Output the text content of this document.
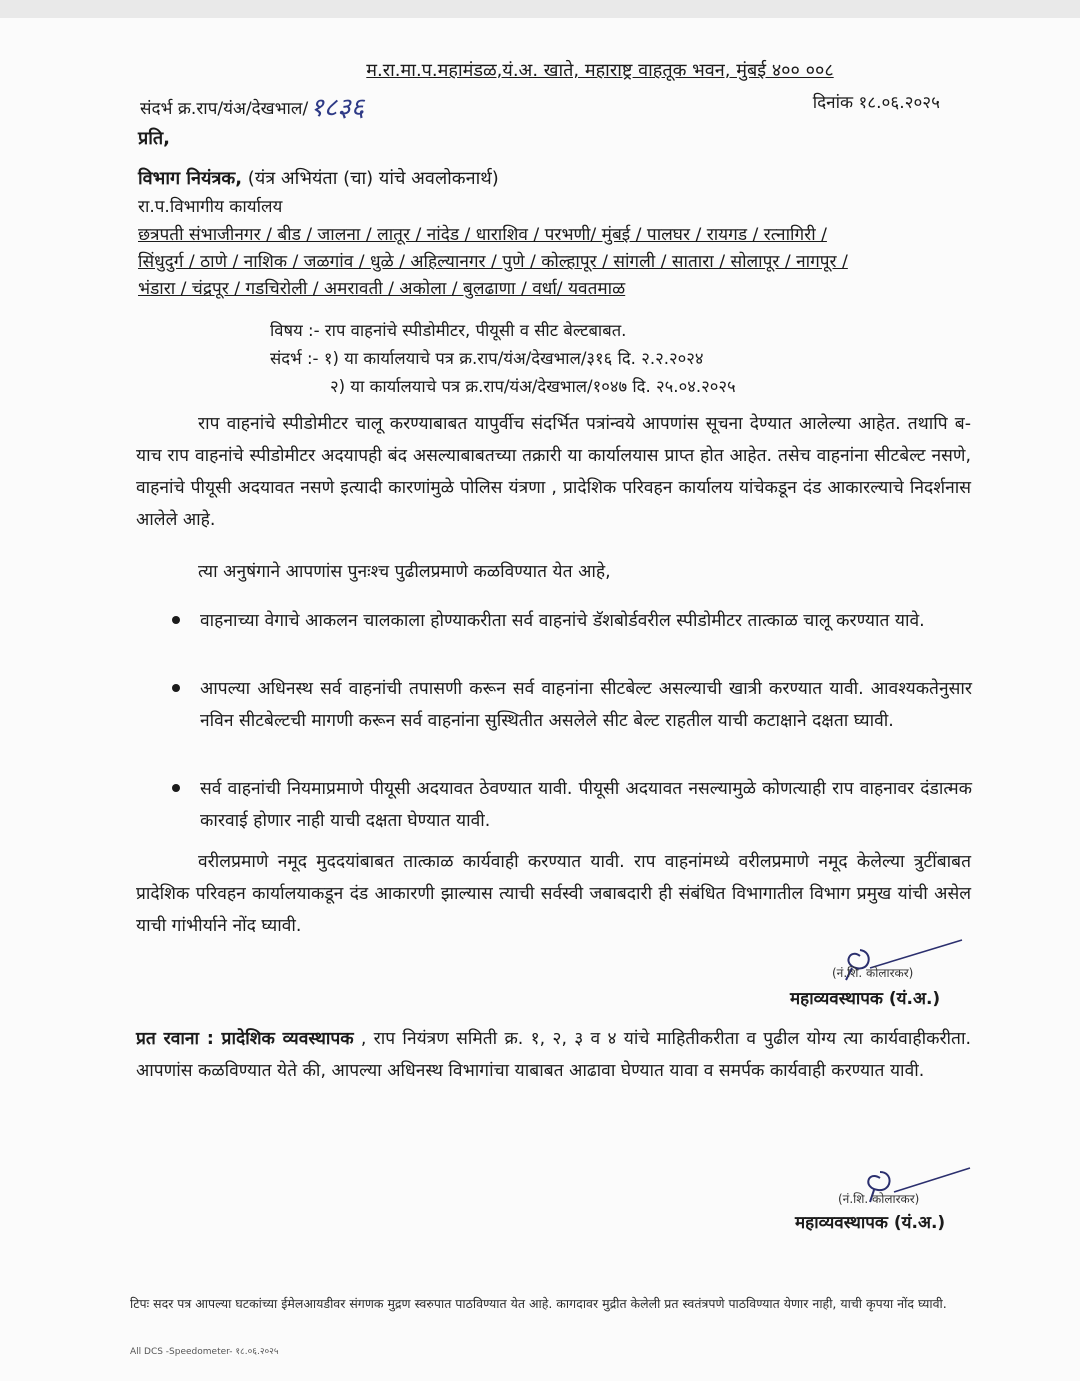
म.रा.मा.प.महामंडळ,यं.अ. खाते, महाराष्ट्र वाहतूक भवन, मुंबई ४०० ००८
संदर्भ क्र.राप/यंअ/देखभाल/१८३६	दिनांक १८.०६.२०२५
प्रति,
विभाग नियंत्रक, (यंत्र अभियंता (चा) यांचे अवलोकनार्थ)
रा.प.विभागीय कार्यालय
छत्रपती संभाजीनगर / बीड / जालना / लातूर / नांदेड / धाराशिव / परभणी/ मुंबई / पालघर / रायगड / रत्नागिरी /
सिंधुदुर्ग / ठाणे / नाशिक / जळगांव / धुळे / अहिल्यानगर / पुणे / कोल्हापूर / सांगली / सातारा / सोलापूर / नागपूर /
भंडारा / चंद्रपूर / गडचिरोली / अमरावती / अकोला / बुलढाणा / वर्धा/ यवतमाळ
विषय :- राप वाहनांचे स्पीडोमीटर, पीयूसी व सीट बेल्टबाबत.
संदर्भ :- १) या कार्यालयाचे पत्र क्र.राप/यंअ/देखभाल/३१६ दि. २.२.२०२४
२) या कार्यालयाचे पत्र क्र.राप/यंअ/देखभाल/१०४७ दि. २५.०४.२०२५
राप वाहनांचे स्पीडोमीटर चालू करण्याबाबत यापुर्वीच संदर्भित पत्रांन्वये आपणांस सूचना देण्यात आलेल्या आहेत. तथापि ब-याच राप वाहनांचे स्पीडोमीटर अदयापही बंद असल्याबाबतच्या तक्रारी या कार्यालयास प्राप्त होत आहेत. तसेच वाहनांना सीटबेल्ट नसणे, वाहनांचे पीयूसी अदयावत नसणे इत्यादी कारणांमुळे पोलिस यंत्रणा , प्रादेशिक परिवहन कार्यालय यांचेकडून दंड आकारल्याचे निदर्शनास आलेले आहे.
त्या अनुषंगाने आपणांस पुनःश्च पुढीलप्रमाणे कळविण्यात येत आहे,
वाहनाच्या वेगाचे आकलन चालकाला होण्याकरीता सर्व वाहनांचे डॅशबोर्डवरील स्पीडोमीटर तात्काळ चालू करण्यात यावे.
आपल्या अधिनस्थ सर्व वाहनांची तपासणी करून सर्व वाहनांना सीटबेल्ट असल्याची खात्री करण्यात यावी. आवश्यकतेनुसार नविन सीटबेल्टची मागणी करून सर्व वाहनांना सुस्थितीत असलेले सीट बेल्ट राहतील याची कटाक्षाने दक्षता घ्यावी.
सर्व वाहनांची नियमाप्रमाणे पीयूसी अदयावत ठेवण्यात यावी. पीयूसी अदयावत नसल्यामुळे कोणत्याही राप वाहनावर दंडात्मक कारवाई होणार नाही याची दक्षता घेण्यात यावी.
वरीलप्रमाणे नमूद मुददयांबाबत तात्काळ कार्यवाही करण्यात यावी. राप वाहनांमध्ये वरीलप्रमाणे नमूद केलेल्या त्रुटींबाबत प्रादेशिक परिवहन कार्यालयाकडून दंड आकारणी झाल्यास त्याची सर्वस्वी जबाबदारी ही संबंधित विभागातील विभाग प्रमुख यांची असेल याची गांभीर्याने नोंद घ्यावी.
(नं.शि. कोलारकर)
महाव्यवस्थापक (यं.अ.)
प्रत रवाना : प्रादेशिक व्यवस्थापक , राप नियंत्रण समिती क्र. १, २, ३ व ४ यांचे माहितीकरीता व पुढील योग्य त्या कार्यवाहीकरीता. आपणांस कळविण्यात येते की, आपल्या अधिनस्थ विभागांचा याबाबत आढावा घेण्यात यावा व समर्पक कार्यवाही करण्यात यावी.
(नं.शि. कोलारकर)
महाव्यवस्थापक (यं.अ.)
टिपः सदर पत्र आपल्या घटकांच्या ईमेलआयडीवर संगणक मुद्रण स्वरुपात पाठविण्यात येत आहे. कागदावर मुद्रीत केलेली प्रत स्वतंत्रपणे पाठविण्यात येणार नाही, याची कृपया नोंद घ्यावी.
All DCS -Speedometer- १८.०६.२०२५
